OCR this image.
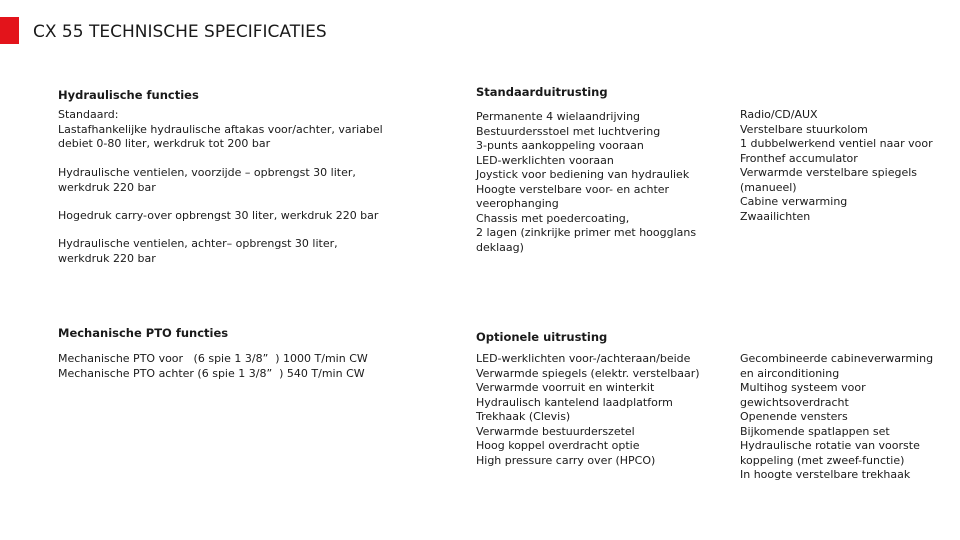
CX 55 TECHNISCHE SPECIFICATIES
Hydraulische functies
Standaard:
Lastafhankelijke hydraulische aftakas voor/achter, variabel debiet 0-80 liter, werkdruk tot 200 bar
Hydraulische ventielen, voorzijde – opbrengst 30 liter, werkdruk 220 bar
Hogedruk carry-over opbrengst 30 liter, werkdruk 220 bar
Hydraulische ventielen, achter– opbrengst 30 liter, werkdruk 220 bar
Mechanische PTO functies
Mechanische PTO voor   (6 spie 1 3/8”  ) 1000 T/min CW
Mechanische PTO achter (6 spie 1 3/8”  ) 540 T/min CW
Standaarduitrusting
Permanente 4 wielaandrijving
Bestuurdersstoel met luchtvering
3-punts aankoppeling vooraan
LED-werklichten vooraan
Joystick voor bediening van hydrauliek
Hoogte verstelbare voor- en achter veerophanging
Chassis met poedercoating,
2 lagen (zinkrijke primer met hoogglans deklaag)
Radio/CD/AUX
Verstelbare stuurkolom
1 dubbelwerkend ventiel naar voor
Fronthef accumulator
Verwarmde verstelbare spiegels (manueel)
Cabine verwarming
Zwaailichten
Optionele uitrusting
LED-werklichten voor-/achteraan/beide
Verwarmde spiegels (elektr. verstelbaar)
Verwarmde voorruit en winterkit
Hydraulisch kantelend laadplatform
Trekhaak (Clevis)
Verwarmde bestuurderszetel
Hoog koppel overdracht optie
High pressure carry over (HPCO)
Gecombineerde cabineverwarming en airconditioning
Multihog systeem voor gewichtsoverdracht
Openende vensters
Bijkomende spatlappen set
Hydraulische rotatie van voorste koppeling (met zweef-functie)
In hoogte verstelbare trekhaak
